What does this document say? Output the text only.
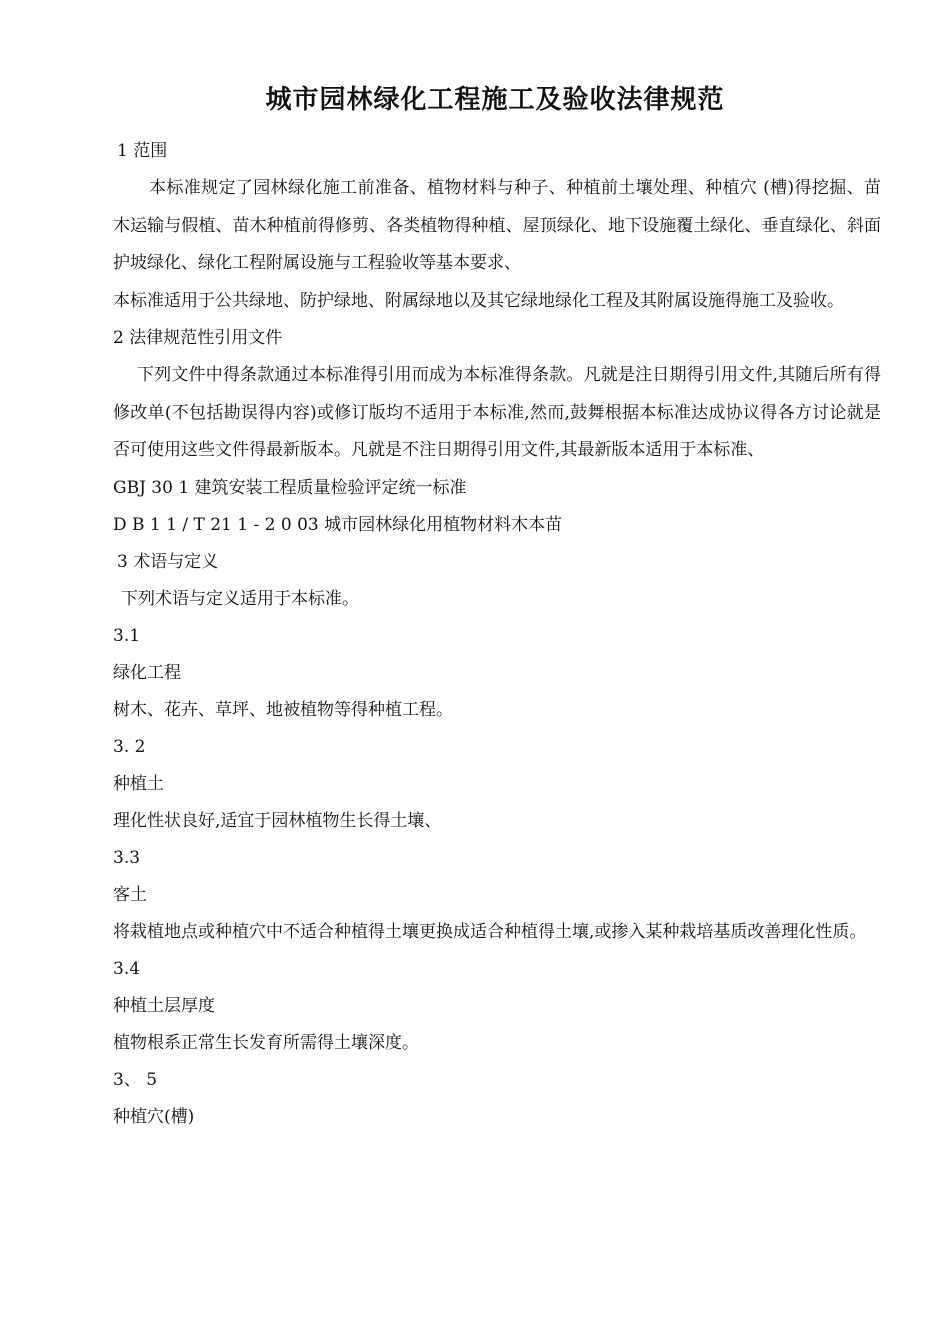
城市园林绿化工程施工及验收法律规范

1 范围

本标准规定了园林绿化施工前准备、植物材料与种子、种植前土壤处理、种植穴 (槽)得挖掘、苗木运输与假植、苗木种植前得修剪、各类植物得种植、屋顶绿化、地下设施覆土绿化、垂直绿化、斜面护坡绿化、绿化工程附属设施与工程验收等基本要求、

本标准适用于公共绿地、防护绿地、附属绿地以及其它绿地绿化工程及其附属设施得施工及验收。

2 法律规范性引用文件

下列文件中得条款通过本标准得引用而成为本标准得条款。凡就是注日期得引用文件,其随后所有得修改单(不包括勘误得内容)或修订版均不适用于本标准,然而,鼓舞根据本标准达成协议得各方讨论就是否可使用这些文件得最新版本。凡就是不注日期得引用文件,其最新版本适用于本标准、

GBJ 30 1 建筑安装工程质量检验评定统一标准

D B 1 1 / T 21 1 - 2 0 03 城市园林绿化用植物材料木本苗

3 术语与定义

下列术语与定义适用于本标准。

3.1

绿化工程

树木、花卉、草坪、地被植物等得种植工程。

3. 2

种植土

理化性状良好,适宜于园林植物生长得土壤、

3.3

客土

将栽植地点或种植穴中不适合种植得土壤更换成适合种植得土壤,或掺入某种栽培基质改善理化性质。

3.4

种植土层厚度

植物根系正常生长发育所需得土壤深度。

3、 5

种植穴(槽)
